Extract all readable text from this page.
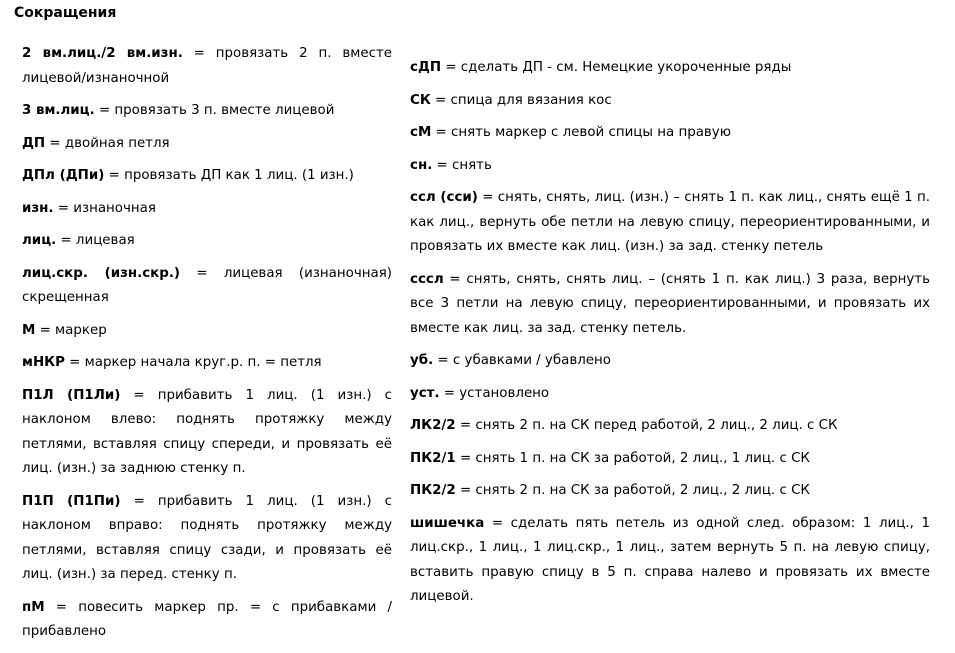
Сокращения

2 вм.лиц./2 вм.изн. = провязать 2 п. вместе лицевой/изнаночной

3 вм.лиц. = провязать 3 п. вместе лицевой

ДП = двойная петля

ДПл (ДПи) = провязать ДП как 1 лиц. (1 изн.)

изн. = изнаночная

лиц. = лицевая

лиц.скр. (изн.скр.) = лицевая (изнаночная) скрещенная

М = маркер

мНКР = маркер начала круг.р. п. = петля

П1Л (П1Ли) = прибавить 1 лиц. (1 изн.) с наклоном влево: поднять протяжку между петлями, вставляя спицу спереди, и провязать её лиц. (изн.) за заднюю стенку п.

П1П (П1Пи) = прибавить 1 лиц. (1 изн.) с наклоном вправо: поднять протяжку между петлями, вставляя спицу сзади, и провязать её лиц. (изн.) за перед. стенку п.

пМ = повесить маркер пр. = с прибавками / прибавлено

сДП = сделать ДП - см. Немецкие укороченные ряды

СК = спица для вязания кос

сМ = снять маркер с левой спицы на правую

сн. = снять

ссл (сси) = снять, снять, лиц. (изн.) – снять 1 п. как лиц., снять ещё 1 п. как лиц., вернуть обе петли на левую спицу, переориентированными, и провязать их вместе как лиц. (изн.) за зад. стенку петель

сссл = снять, снять, снять лиц. – (снять 1 п. как лиц.) 3 раза, вернуть все 3 петли на левую спицу, переориентированными, и провязать их вместе как лиц. за зад. стенку петель.

уб. = с убавками / убавлено

уст. = установлено

ЛК2/2 = снять 2 п. на СК перед работой, 2 лиц., 2 лиц. с СК

ПК2/1 = снять 1 п. на СК за работой, 2 лиц., 1 лиц. с СК

ПК2/2 = снять 2 п. на СК за работой, 2 лиц., 2 лиц. с СК

шишечка = сделать пять петель из одной след. образом: 1 лиц., 1 лиц.скр., 1 лиц., 1 лиц.скр., 1 лиц., затем вернуть 5 п. на левую спицу, вставить правую спицу в 5 п. справа налево и провязать их вместе лицевой.
